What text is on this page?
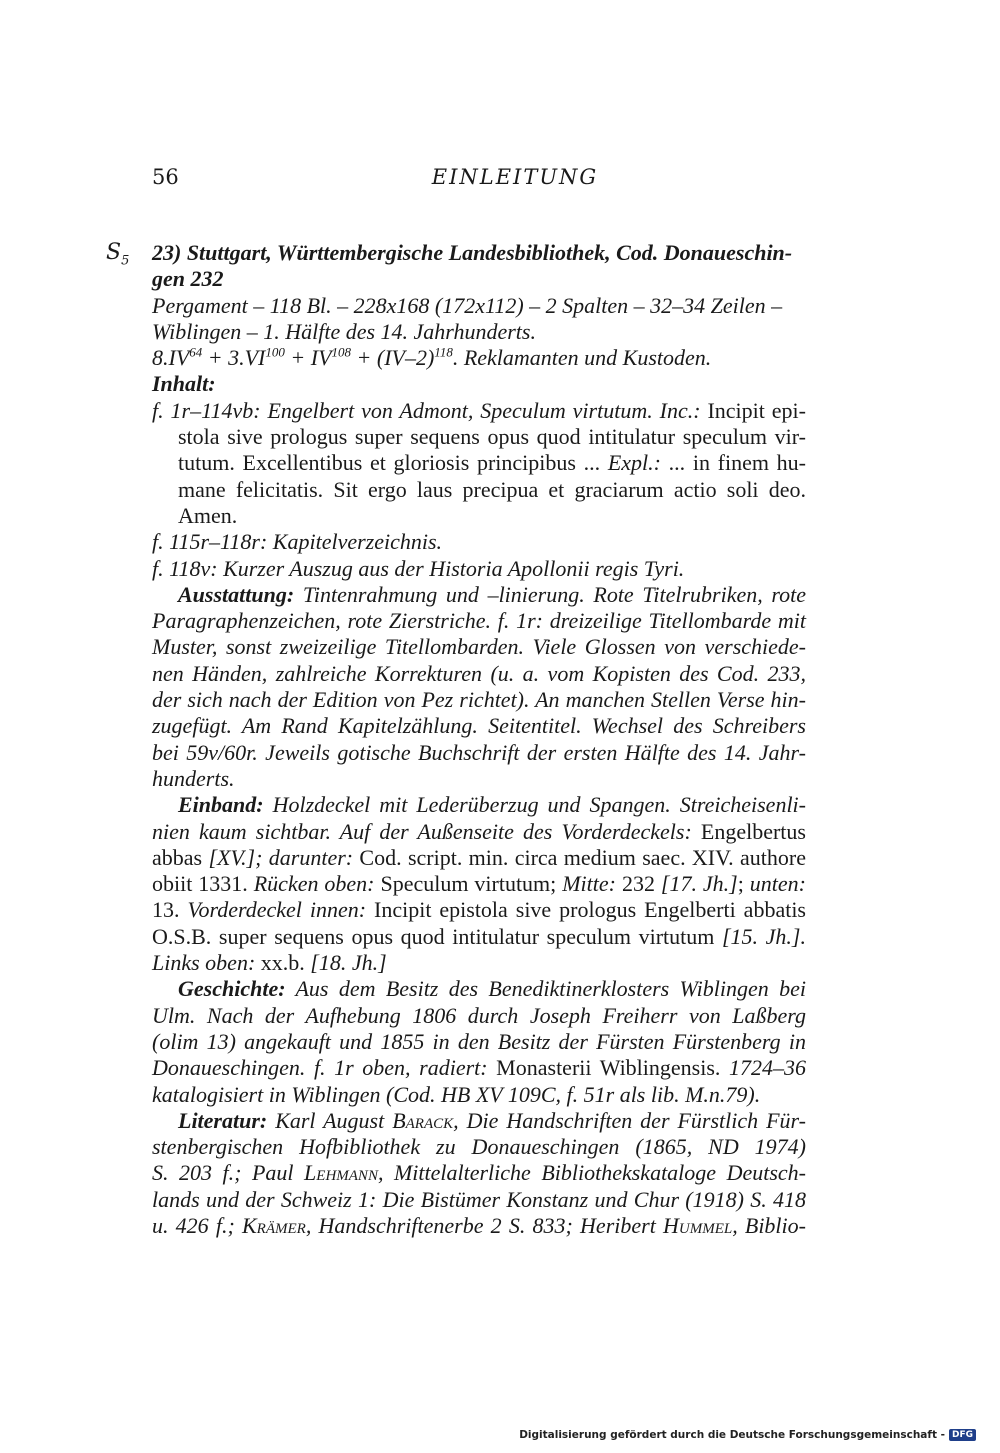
56	EINLEITUNG
$S_5$ 23) Stuttgart, Württembergische Landesbibliothek, Cod. Donaueschin-
gen 232
Pergament – 118 Bl. – 228x168 (172x112) – 2 Spalten – 32–34 Zeilen –
Wiblingen – 1. Hälfte des 14. Jahrhunderts.
$8.IV^{64} + 3.VI^{100} + IV^{108} + (IV-2)^{118}$. Reklamanten und Kustoden.
Inhalt:
f. 1r–114vb: Engelbert von Admont, Speculum virtutum. Inc.: Incipit epi-
stola sive prologus super sequens opus quod intitulatur speculum vir-
tutum. Excellentibus et gloriosis principibus ... Expl.: ... in finem hu-
mane felicitatis. Sit ergo laus precipua et graciarum actio soli deo.
Amen.
f. 115r–118r: Kapitelverzeichnis.
f. 118v: Kurzer Auszug aus der Historia Apollonii regis Tyri.
Ausstattung: Tintenrahmung und –linierung. Rote Titelrubriken, rote
Paragraphenzeichen, rote Zierstriche. f. 1r: dreizeilige Titellombarde mit
Muster, sonst zweizeilige Titellombarden. Viele Glossen von verschiede-
nen Händen, zahlreiche Korrekturen (u. a. vom Kopisten des Cod. 233,
der sich nach der Edition von Pez richtet). An manchen Stellen Verse hin-
zugefügt. Am Rand Kapitelzählung. Seitentitel. Wechsel des Schreibers
bei 59v/60r. Jeweils gotische Buchschrift der ersten Hälfte des 14. Jahr-
hunderts.
Einband: Holzdeckel mit Lederüberzug und Spangen. Streicheisenli-
nien kaum sichtbar. Auf der Außenseite des Vorderdeckels: Engelbertus
abbas [XV.]; darunter: Cod. script. min. circa medium saec. XIV. authore
obiit 1331. Rücken oben: Speculum virtutum; Mitte: 232 [17. Jh.]; unten:
13. Vorderdeckel innen: Incipit epistola sive prologus Engelberti abbatis
O.S.B. super sequens opus quod intitulatur speculum virtutum [15. Jh.].
Links oben: xx.b. [18. Jh.]
Geschichte: Aus dem Besitz des Benediktinerklosters Wiblingen bei
Ulm. Nach der Aufhebung 1806 durch Joseph Freiherr von Laßberg
(olim 13) angekauft und 1855 in den Besitz der Fürsten Fürstenberg in
Donaueschingen. f. 1r oben, radiert: Monasterii Wiblingensis. 1724–36
katalogisiert in Wiblingen (Cod. HB XV 109C, f. 51r als lib. M.n.79).
Literatur: Karl August Barack, Die Handschriften der Fürstlich Für-
stenbergischen Hofbibliothek zu Donaueschingen (1865, ND 1974)
S. 203 f.; Paul Lehmann, Mittelalterliche Bibliothekskataloge Deutsch-
lands und der Schweiz 1: Die Bistümer Konstanz und Chur (1918) S. 418
u. 426 f.; Krämer, Handschriftenerbe 2 S. 833; Heribert Hummel, Biblio-
Digitalisierung gefördert durch die Deutsche Forschungsgemeinschaft - DFG
